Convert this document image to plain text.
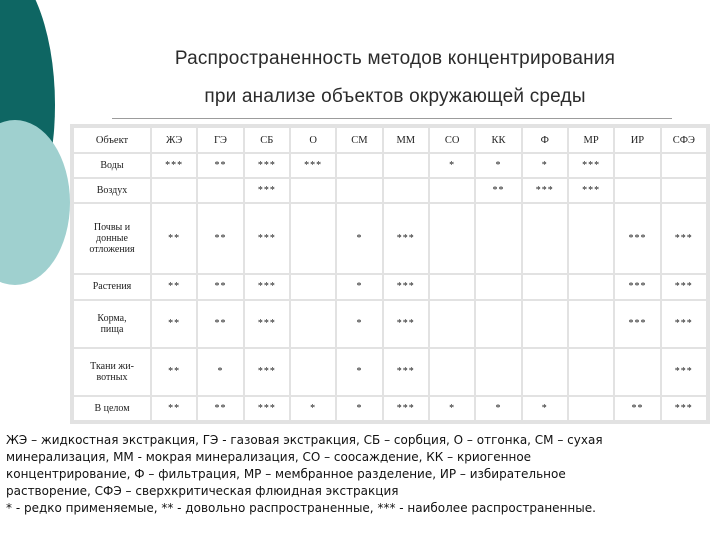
Распространенность методов концентрирования
при анализе объектов окружающей среды
Объект	ЖЭ	ГЭ	СБ	О	СМ	ММ	СО	КК	Ф	МР	ИР	СФЭ
Воды	***	**	***	***			*	*	*	***		
Воздух			***					**	***	***		
Почвы и
донные
отложения	**	**	***		*	***					***	***
Растения	**	**	***		*	***					***	***
Корма,
пища	**	**	***		*	***					***	***
Ткани жи-
вотных	**	*	***		*	***						***
В целом	**	**	***	*	*	***	*	*	*		**	***
ЖЭ – жидкостная экстракция, ГЭ - газовая экстракция, СБ – сорбция, О – отгонка, СМ – сухая
минерализация, ММ - мокрая минерализация, СО – соосаждение, КК – криогенное
концентрирование, Ф – фильтрация, МР – мембранное разделение, ИР – избирательное
растворение, СФЭ – сверхкритическая флюидная экстракция
* - редко применяемые, ** - довольно распространенные, *** - наиболее распространенные.
